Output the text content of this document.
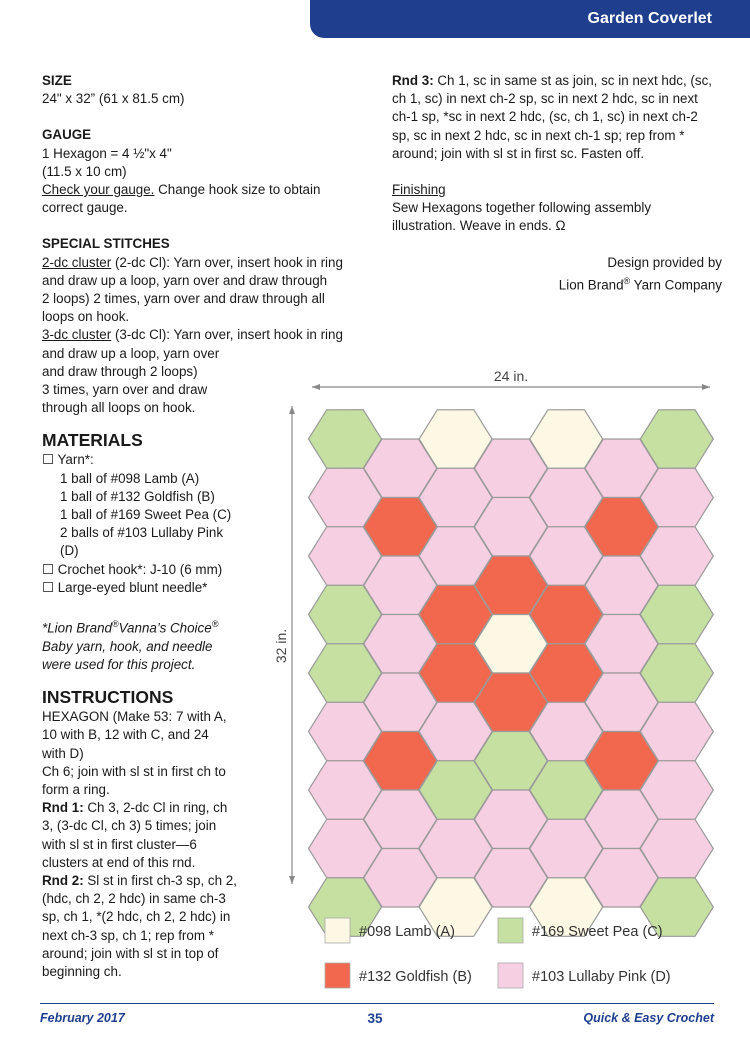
Garden Coverlet
SIZE
24" x 32” (61 x 81.5 cm)
GAUGE
1 Hexagon = 4 ½"x 4"
(11.5 x 10 cm)
Check your gauge. Change hook size to obtain
correct gauge.
SPECIAL STITCHES
2-dc cluster (2-dc Cl): Yarn over, insert hook in ring
and draw up a loop, yarn over and draw through
2 loops) 2 times, yarn over and draw through all
loops on hook.
3-dc cluster (3-dc Cl): Yarn over, insert hook in ring
and draw up a loop, yarn over
and draw through 2 loops)
3 times, yarn over and draw
through all loops on hook.
MATERIALS
☐ Yarn*:
1 ball of #098 Lamb (A)
1 ball of #132 Goldfish (B)
1 ball of #169 Sweet Pea (C)
2 balls of #103 Lullaby Pink
(D)
☐ Crochet hook*: J-10 (6 mm)
☐ Large-eyed blunt needle*
*Lion Brand®Vanna’s Choice®
Baby yarn, hook, and needle
were used for this project.
INSTRUCTIONS
HEXAGON (Make 53: 7 with A,
10 with B, 12 with C, and 24
with D)
Ch 6; join with sl st in first ch to
form a ring.
Rnd 1: Ch 3, 2-dc Cl in ring, ch
3, (3-dc Cl, ch 3) 5 times; join
with sl st in first cluster—6
clusters at end of this rnd.
Rnd 2: Sl st in first ch-3 sp, ch 2,
(hdc, ch 2, 2 hdc) in same ch-3
sp, ch 1, *(2 hdc, ch 2, 2 hdc) in
next ch-3 sp, ch 1; rep from *
around; join with sl st in top of
beginning ch.
Rnd 3: Ch 1, sc in same st as join, sc in next hdc, (sc,
ch 1, sc) in next ch-2 sp, sc in next 2 hdc, sc in next
ch-1 sp, *sc in next 2 hdc, (sc, ch 1, sc) in next ch-2
sp, sc in next 2 hdc, sc in next ch-1 sp; rep from *
around; join with sl st in first sc. Fasten off.
Finishing
Sew Hexagons together following assembly
illustration. Weave in ends. Ω
Design provided by
Lion Brand® Yarn Company
24 in.
32 in.
#098 Lamb (A)	#169 Sweet Pea (C)
#132 Goldfish (B)	#103 Lullaby Pink (D)
February 2017	35	Quick & Easy Crochet
